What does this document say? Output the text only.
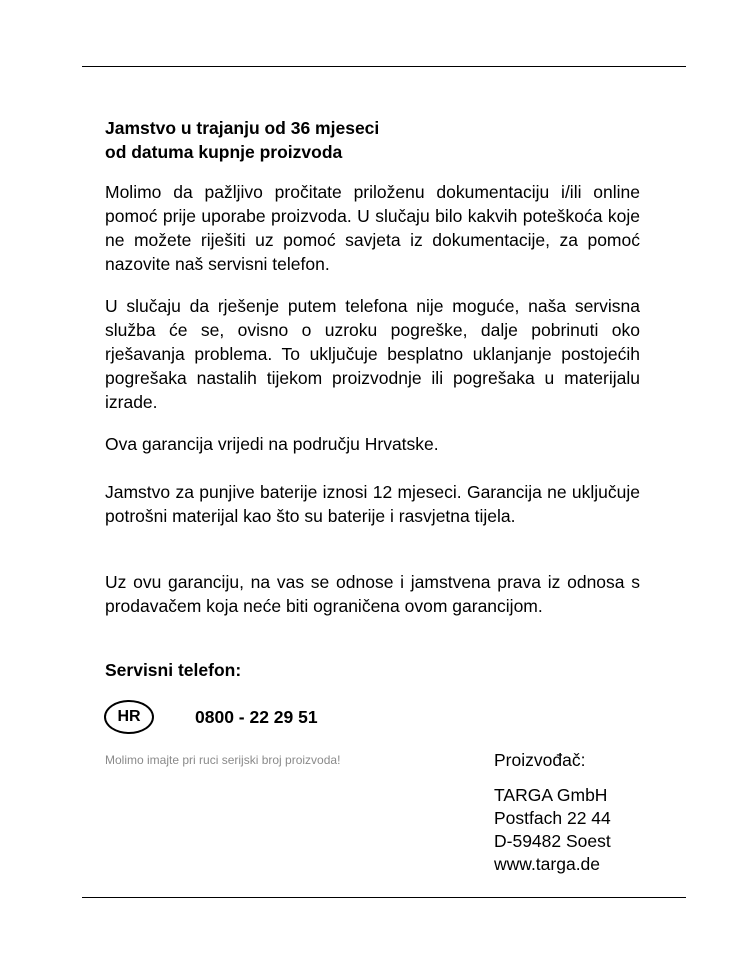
Jamstvo u trajanju od 36 mjeseci
od datuma kupnje proizvoda

Molimo da pažljivo pročitate priloženu dokumentaciju i/ili online pomoć prije uporabe proizvoda. U slučaju bilo kakvih poteškoća koje ne možete riješiti uz pomoć savjeta iz dokumentacije, za pomoć nazovite naš servisni telefon.

U slučaju da rješenje putem telefona nije moguće, naša servisna služba će se, ovisno o uzroku pogreške, dalje pobrinuti oko rješavanja problema. To uključuje besplatno uklanjanje postojećih pogrešaka nastalih tijekom proizvodnje ili pogrešaka u materijalu izrade.

Ova garancija vrijedi na području Hrvatske.

Jamstvo za punjive baterije iznosi 12 mjeseci. Garancija ne uključuje potrošni materijal kao što su baterije i rasvjetna tijela.

Uz ovu garanciju, na vas se odnose i jamstvena prava iz odnosa s prodavačem koja neće biti ograničena ovom garancijom.

Servisni telefon:
HR	0800 - 22 29 51
Molimo imajte pri ruci serijski broj proizvoda!	Proizvođač:
TARGA GmbH
Postfach 22 44
D-59482 Soest
www.targa.de
